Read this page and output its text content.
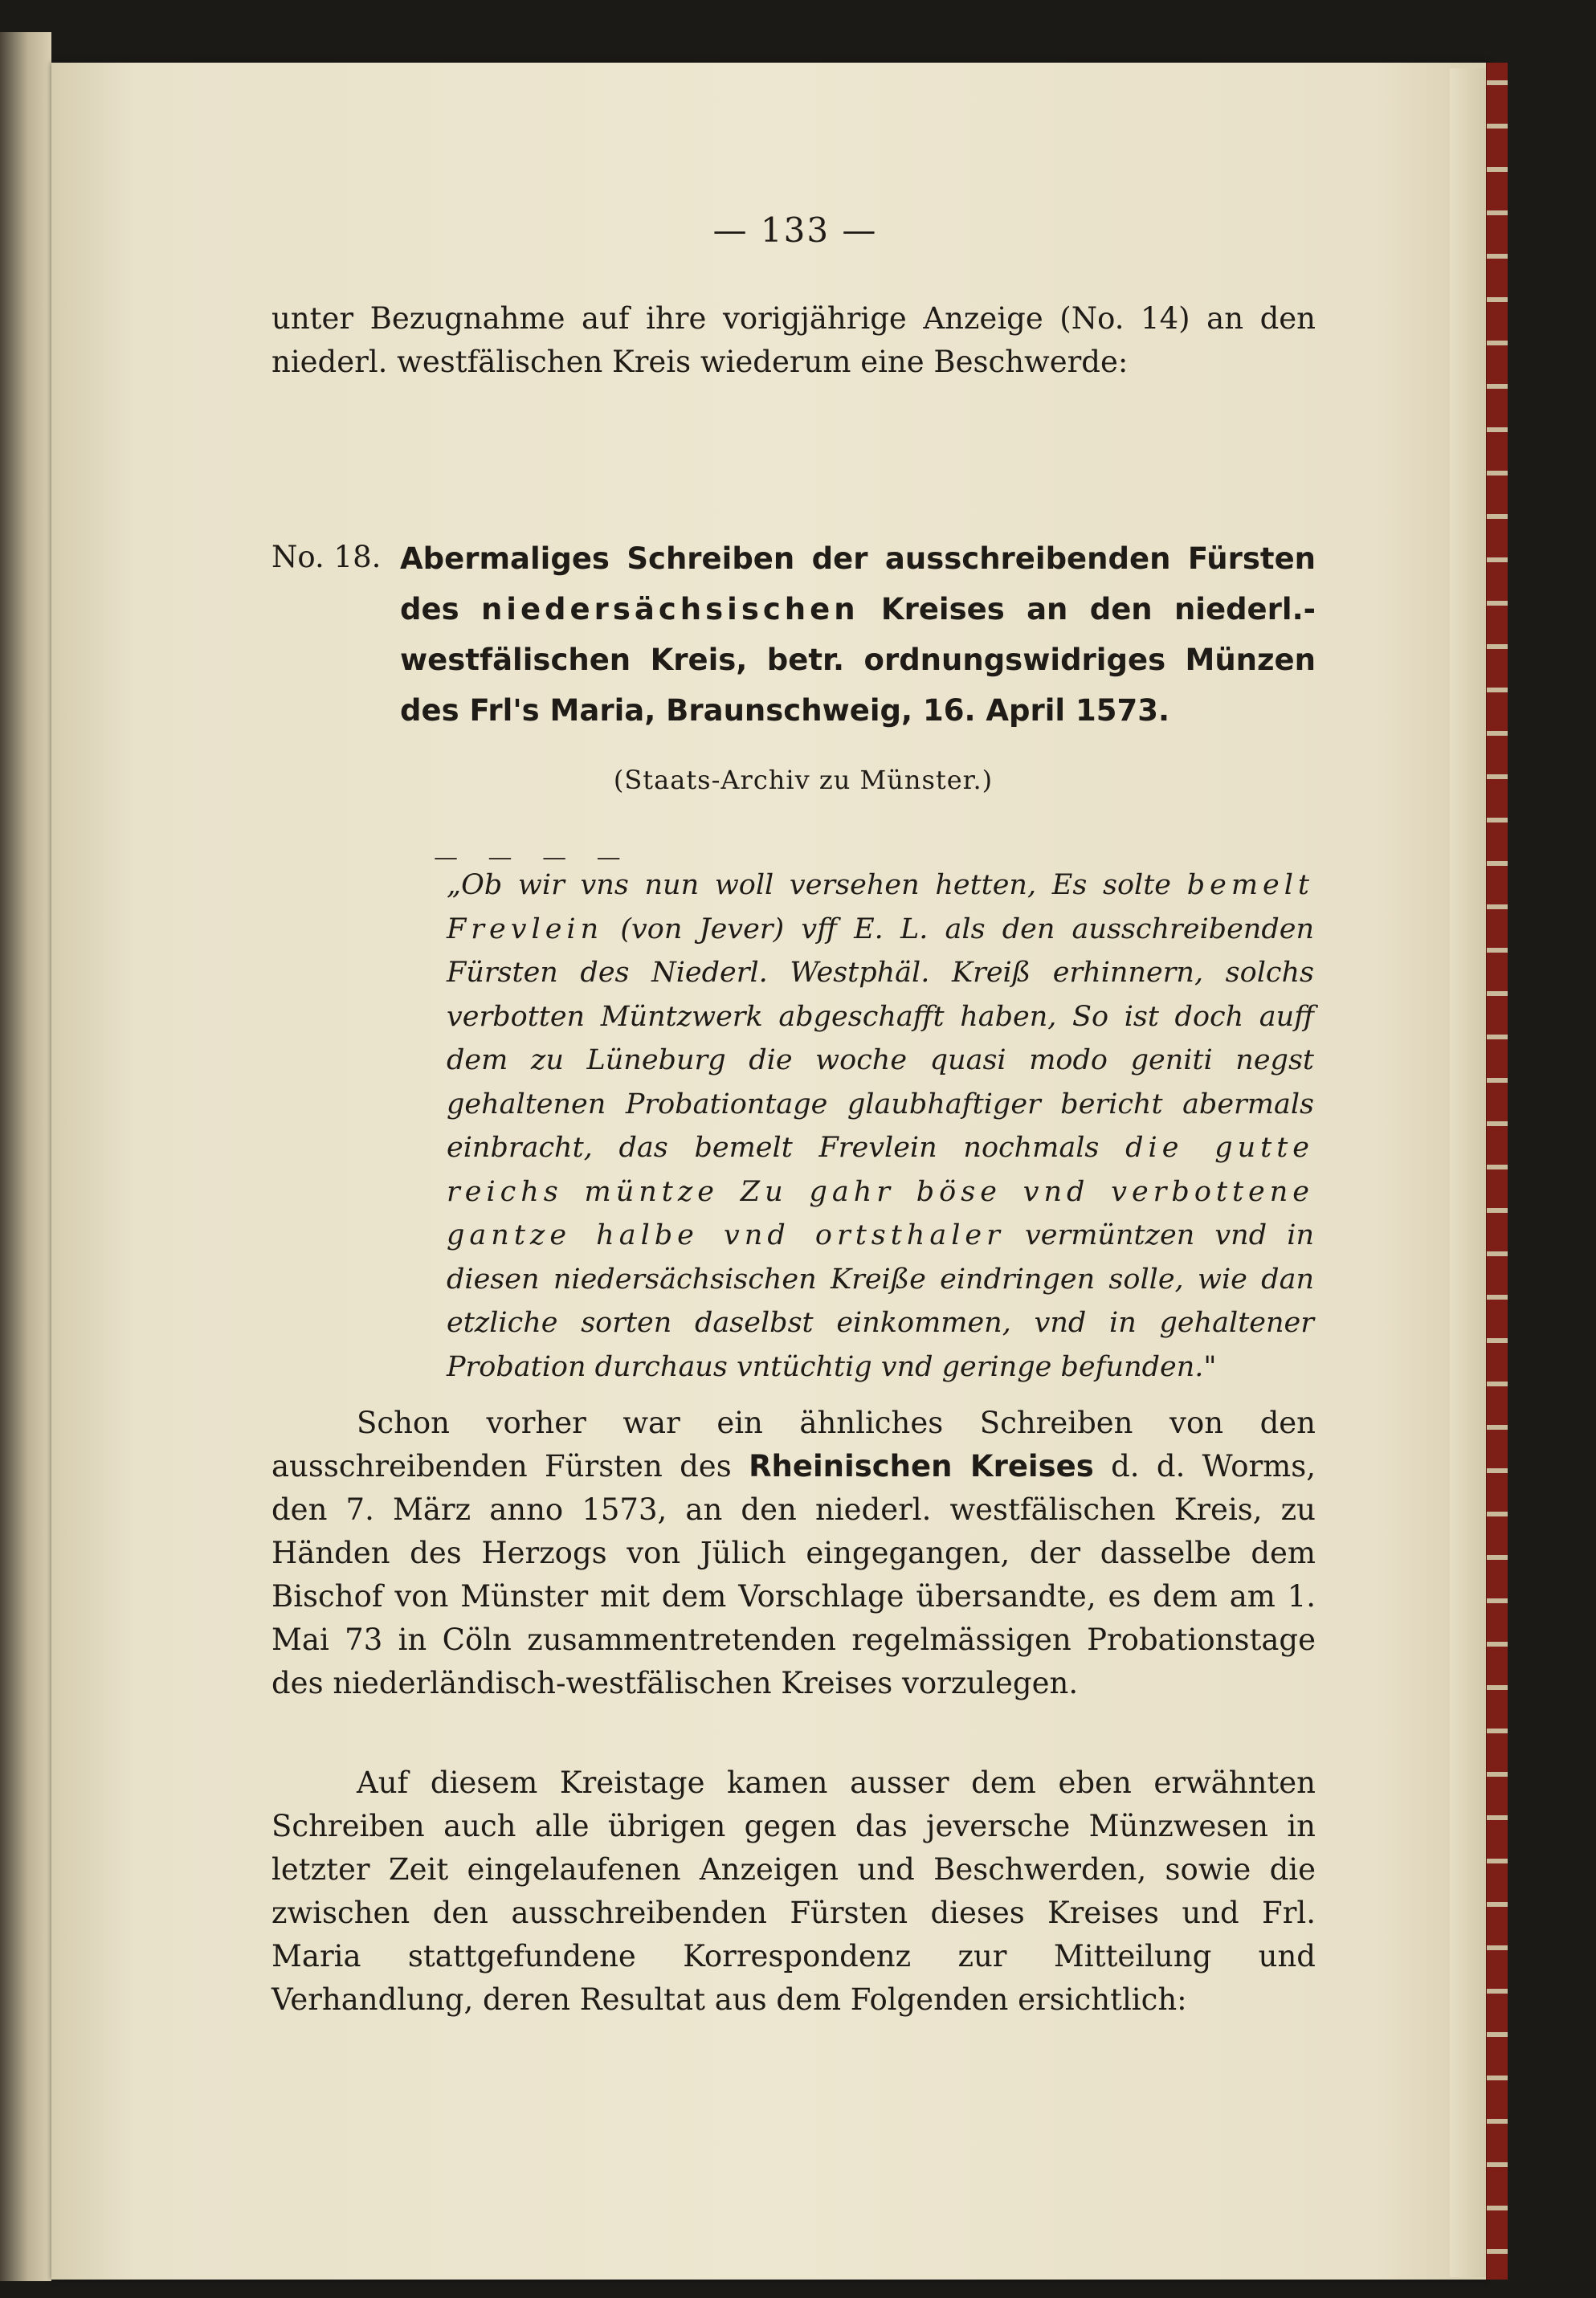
— 133 —

unter Bezugnahme auf ihre vorigjährige Anzeige (No. 14) an den niederl. westfälischen Kreis wiederum eine Beschwerde:

No. 18. Abermaliges Schreiben der ausschreibenden Fürsten des niedersächsischen Kreises an den niederl.-westfälischen Kreis, betr. ordnungswidriges Münzen des Frl's Maria, Braunschweig, 16. April 1573.
(Staats-Archiv zu Münster.)
— — — —

„Ob wir vns nun woll versehen hetten, Es solte bemelt Frevlein (von Jever) vff E. L. als den ausschreibenden Fürsten des Niederl. Westphäl. Kreiß erhinnern, solchs verbotten Müntzwerk abgeschafft haben, So ist doch auff dem zu Lüneburg die woche quasi modo geniti negst gehaltenen Probationtage glaubhaftiger bericht abermals einbracht, das bemelt Frevlein nochmals die gutte reichs müntze Zu gahr böse vnd verbottene gantze halbe vnd ortsthaler vermüntzen vnd in diesen niedersächsischen Kreiße eindringen solle, wie dan etzliche sorten daselbst einkommen, vnd in gehaltener Probation durchaus vntüchtig vnd geringe befunden."

Schon vorher war ein ähnliches Schreiben von den ausschreibenden Fürsten des Rheinischen Kreises d. d. Worms, den 7. März anno 1573, an den niederl. westfälischen Kreis, zu Händen des Herzogs von Jülich eingegangen, der dasselbe dem Bischof von Münster mit dem Vorschlage übersandte, es dem am 1. Mai 73 in Cöln zusammentretenden regelmässigen Probationstage des niederländisch-westfälischen Kreises vorzulegen.

Auf diesem Kreistage kamen ausser dem eben erwähnten Schreiben auch alle übrigen gegen das jeversche Münzwesen in letzter Zeit eingelaufenen Anzeigen und Beschwerden, sowie die zwischen den ausschreibenden Fürsten dieses Kreises und Frl. Maria stattgefundene Korrespondenz zur Mitteilung und Verhandlung, deren Resultat aus dem Folgenden ersichtlich:
